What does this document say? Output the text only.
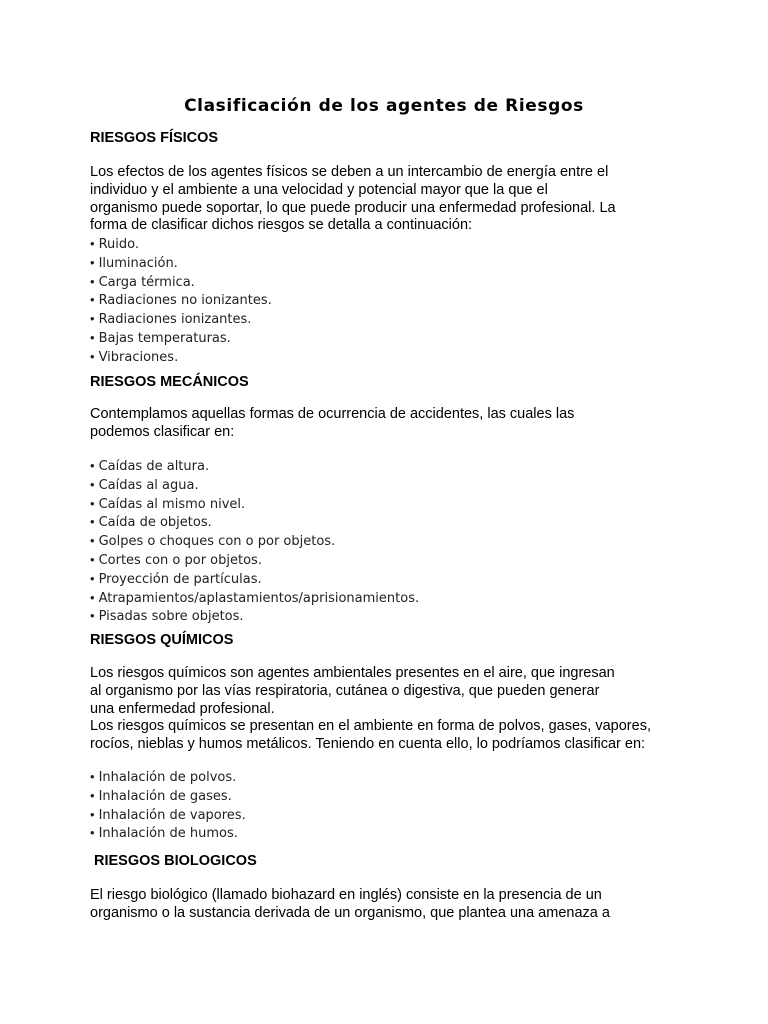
Clasificación de los agentes de Riesgos
RIESGOS FÍSICOS
Los efectos de los agentes físicos se deben a un intercambio de energía entre el
individuo y el ambiente a una velocidad y potencial mayor que la que el
organismo puede soportar, lo que puede producir una enfermedad profesional. La
forma de clasificar dichos riesgos se detalla a continuación:
• Ruido.
• Iluminación.
• Carga térmica.
• Radiaciones no ionizantes.
• Radiaciones ionizantes.
• Bajas temperaturas.
• Vibraciones.
RIESGOS MECÁNICOS
Contemplamos aquellas formas de ocurrencia de accidentes, las cuales las
podemos clasificar en:
• Caídas de altura.
• Caídas al agua.
• Caídas al mismo nivel.
• Caída de objetos.
• Golpes o choques con o por objetos.
• Cortes con o por objetos.
• Proyección de partículas.
• Atrapamientos/aplastamientos/aprisionamientos.
• Pisadas sobre objetos.
RIESGOS QUÍMICOS
Los riesgos químicos son agentes ambientales presentes en el aire, que ingresan
al organismo por las vías respiratoria, cutánea o digestiva, que pueden generar
una enfermedad profesional.
Los riesgos químicos se presentan en el ambiente en forma de polvos, gases, vapores,
rocíos, nieblas y humos metálicos. Teniendo en cuenta ello, lo podríamos clasificar en:
• Inhalación de polvos.
• Inhalación de gases.
• Inhalación de vapores.
• Inhalación de humos.
RIESGOS BIOLOGICOS
El riesgo biológico (llamado biohazard en inglés) consiste en la presencia de un
organismo o la sustancia derivada de un organismo, que plantea una amenaza a
